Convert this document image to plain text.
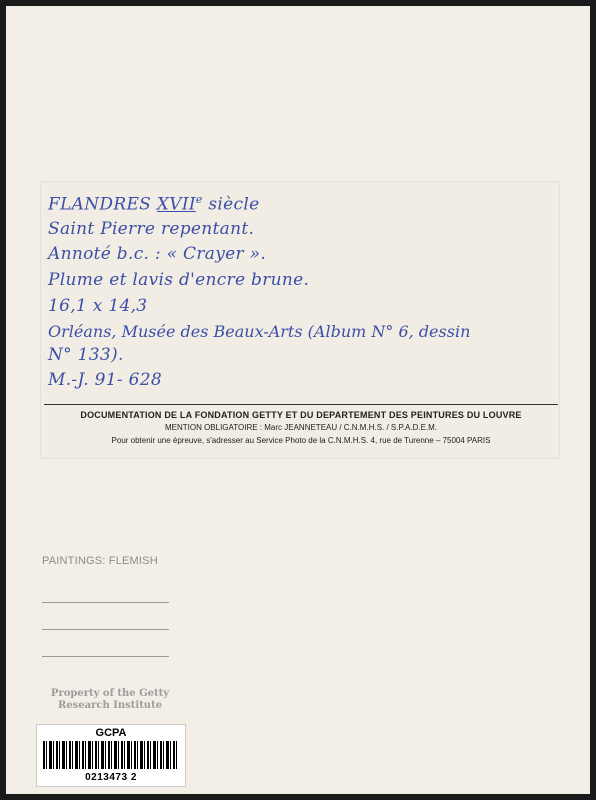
FLANDRES XVIIe siècle
Saint Pierre repentant.
Annoté b.c. : « Crayer ».
Plume et lavis d'encre brune.
16,1 x 14,3
Orléans, Musée des Beaux-Arts (Album N° 6, dessin
N° 133).
M.-J. 91- 628
DOCUMENTATION DE LA FONDATION GETTY ET DU DEPARTEMENT DES PEINTURES DU LOUVRE
MENTION OBLIGATOIRE : Marc JEANNETEAU / C.N.M.H.S. / S.P.A.D.E.M.
Pour obtenir une épreuve, s'adresser au Service Photo de la C.N.M.H.S. 4, rue de Turenne – 75004 PARIS
PAINTINGS: FLEMISH
Property of the Getty
Research Institute
GCPA
0213473 2
